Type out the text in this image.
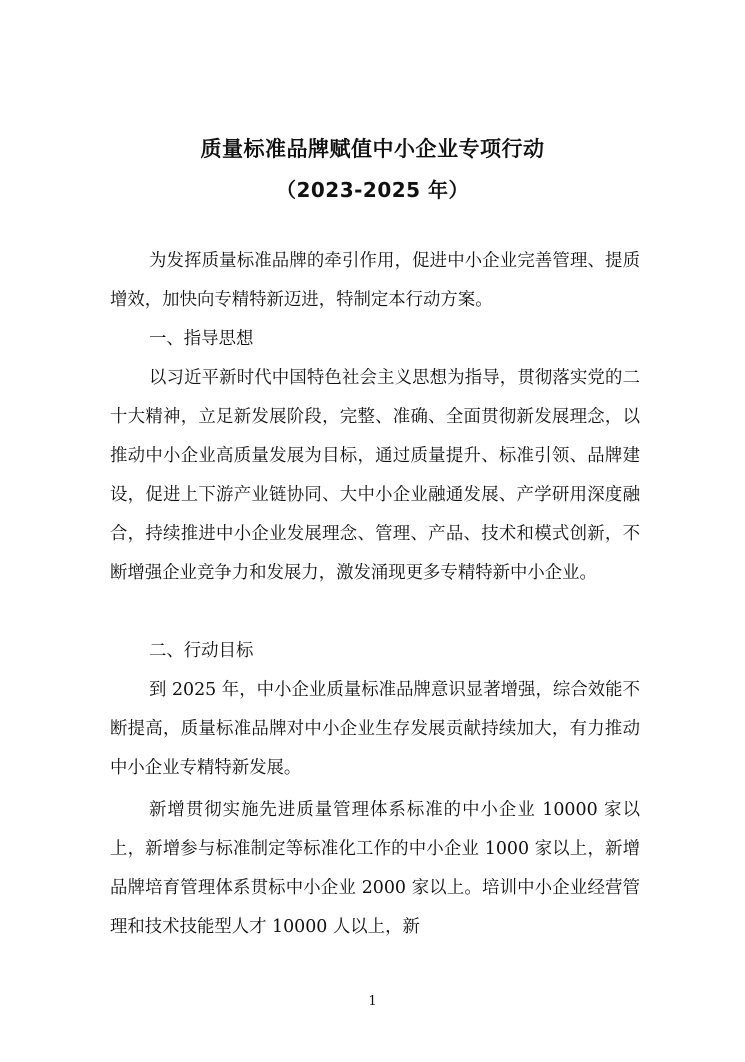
质量标准品牌赋值中小企业专项行动
（2023-2025 年）

为发挥质量标准品牌的牵引作用，促进中小企业完善管理、提质增效，加快向专精特新迈进，特制定本行动方案。

一、指导思想

以习近平新时代中国特色社会主义思想为指导，贯彻落实党的二十大精神，立足新发展阶段，完整、准确、全面贯彻新发展理念，以推动中小企业高质量发展为目标，通过质量提升、标准引领、品牌建设，促进上下游产业链协同、大中小企业融通发展、产学研用深度融合，持续推进中小企业发展理念、管理、产品、技术和模式创新，不断增强企业竞争力和发展力，激发涌现更多专精特新中小企业。

二、行动目标

到 2025 年，中小企业质量标准品牌意识显著增强，综合效能不断提高，质量标准品牌对中小企业生存发展贡献持续加大，有力推动中小企业专精特新发展。

新增贯彻实施先进质量管理体系标准的中小企业 10000 家以上，新增参与标准制定等标准化工作的中小企业 1000 家以上，新增品牌培育管理体系贯标中小企业 2000 家以上。培训中小企业经营管理和技术技能型人才 10000 人以上，新

1
